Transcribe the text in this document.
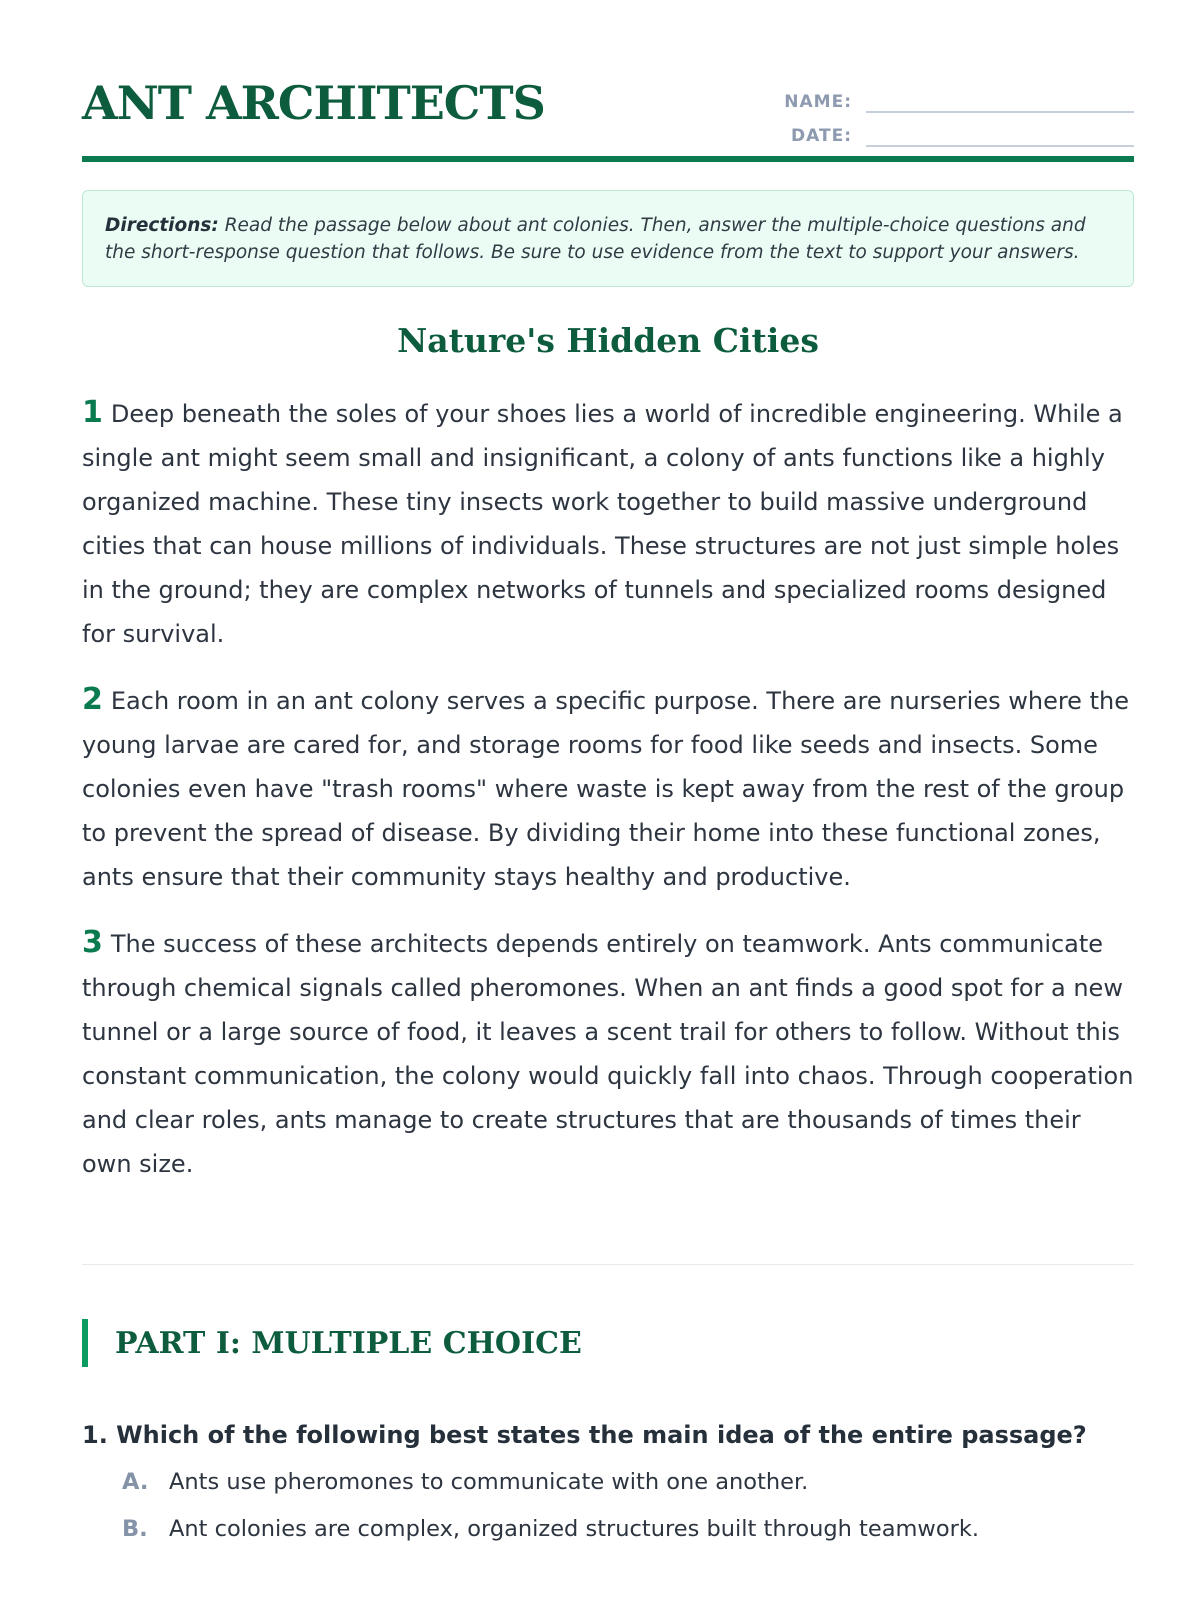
ANT ARCHITECTS	NAME:
DATE:
Directions: Read the passage below about ant colonies. Then, answer the multiple-choice questions and the short-response question that follows. Be sure to use evidence from the text to support your answers.
Nature's Hidden Cities

1 Deep beneath the soles of your shoes lies a world of incredible engineering. While a single ant might seem small and insignificant, a colony of ants functions like a highly organized machine. These tiny insects work together to build massive underground cities that can house millions of individuals. These structures are not just simple holes in the ground; they are complex networks of tunnels and specialized rooms designed for survival.

2 Each room in an ant colony serves a specific purpose. There are nurseries where the young larvae are cared for, and storage rooms for food like seeds and insects. Some colonies even have "trash rooms" where waste is kept away from the rest of the group to prevent the spread of disease. By dividing their home into these functional zones, ants ensure that their community stays healthy and productive.

3 The success of these architects depends entirely on teamwork. Ants communicate through chemical signals called pheromones. When an ant finds a good spot for a new tunnel or a large source of food, it leaves a scent trail for others to follow. Without this constant communication, the colony would quickly fall into chaos. Through cooperation and clear roles, ants manage to create structures that are thousands of times their own size.

PART I: MULTIPLE CHOICE
1. Which of the following best states the main idea of the entire passage?
A. Ants use pheromones to communicate with one another.
B. Ant colonies are complex, organized structures built through teamwork.
